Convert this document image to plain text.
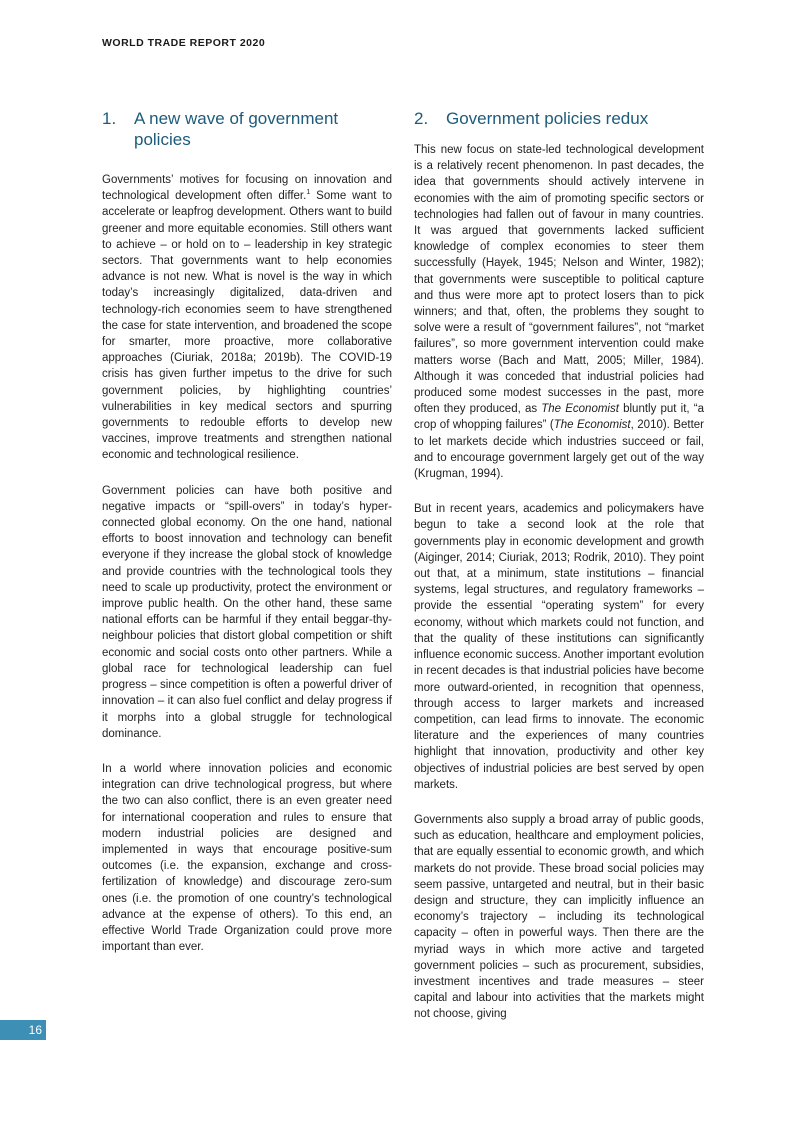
WORLD TRADE REPORT 2020
1.	A new wave of government policies

Governments’ motives for focusing on innovation and technological development often differ.$^1$ Some want to accelerate or leapfrog development. Others want to build greener and more equitable economies. Still others want to achieve – or hold on to – leadership in key strategic sectors. That governments want to help economies advance is not new. What is novel is the way in which today’s increasingly digitalized, data-driven and technology-rich economies seem to have strengthened the case for state intervention, and broadened the scope for smarter, more proactive, more collaborative approaches (Ciuriak, 2018a; 2019b). The COVID-19 crisis has given further impetus to the drive for such government policies, by highlighting countries’ vulnerabilities in key medical sectors and spurring governments to redouble efforts to develop new vaccines, improve treatments and strengthen national economic and technological resilience.

Government policies can have both positive and negative impacts or “spill-overs” in today’s hyper-connected global economy. On the one hand, national efforts to boost innovation and technology can benefit everyone if they increase the global stock of knowledge and provide countries with the technological tools they need to scale up productivity, protect the environment or improve public health. On the other hand, these same national efforts can be harmful if they entail beggar-thy-neighbour policies that distort global competition or shift economic and social costs onto other partners. While a global race for technological leadership can fuel progress – since competition is often a powerful driver of innovation – it can also fuel conflict and delay progress if it morphs into a global struggle for technological dominance.

In a world where innovation policies and economic integration can drive technological progress, but where the two can also conflict, there is an even greater need for international cooperation and rules to ensure that modern industrial policies are designed and implemented in ways that encourage positive-sum outcomes (i.e. the expansion, exchange and cross-fertilization of knowledge) and discourage zero-sum ones (i.e. the promotion of one country’s technological advance at the expense of others). To this end, an effective World Trade Organization could prove more important than ever.

2.	Government policies redux

This new focus on state-led technological development is a relatively recent phenomenon. In past decades, the idea that governments should actively intervene in economies with the aim of promoting specific sectors or technologies had fallen out of favour in many countries. It was argued that governments lacked sufficient knowledge of complex economies to steer them successfully (Hayek, 1945; Nelson and Winter, 1982); that governments were susceptible to political capture and thus were more apt to protect losers than to pick winners; and that, often, the problems they sought to solve were a result of “government failures”, not “market failures”, so more government intervention could make matters worse (Bach and Matt, 2005; Miller, 1984). Although it was conceded that industrial policies had produced some modest successes in the past, more often they produced, as The Economist bluntly put it, “a crop of whopping failures” (The Economist, 2010). Better to let markets decide which industries succeed or fail, and to encourage government largely get out of the way (Krugman, 1994).

But in recent years, academics and policymakers have begun to take a second look at the role that governments play in economic development and growth (Aiginger, 2014; Ciuriak, 2013; Rodrik, 2010). They point out that, at a minimum, state institutions – financial systems, legal structures, and regulatory frameworks – provide the essential “operating system” for every economy, without which markets could not function, and that the quality of these institutions can significantly influence economic success. Another important evolution in recent decades is that industrial policies have become more outward-oriented, in recognition that openness, through access to larger markets and increased competition, can lead firms to innovate. The economic literature and the experiences of many countries highlight that innovation, productivity and other key objectives of industrial policies are best served by open markets.

Governments also supply a broad array of public goods, such as education, healthcare and employment policies, that are equally essential to economic growth, and which markets do not provide. These broad social policies may seem passive, untargeted and neutral, but in their basic design and structure, they can implicitly influence an economy’s trajectory – including its technological capacity – often in powerful ways. Then there are the myriad ways in which more active and targeted government policies – such as procurement, subsidies, investment incentives and trade measures – steer capital and labour into activities that the markets might not choose, giving

16
